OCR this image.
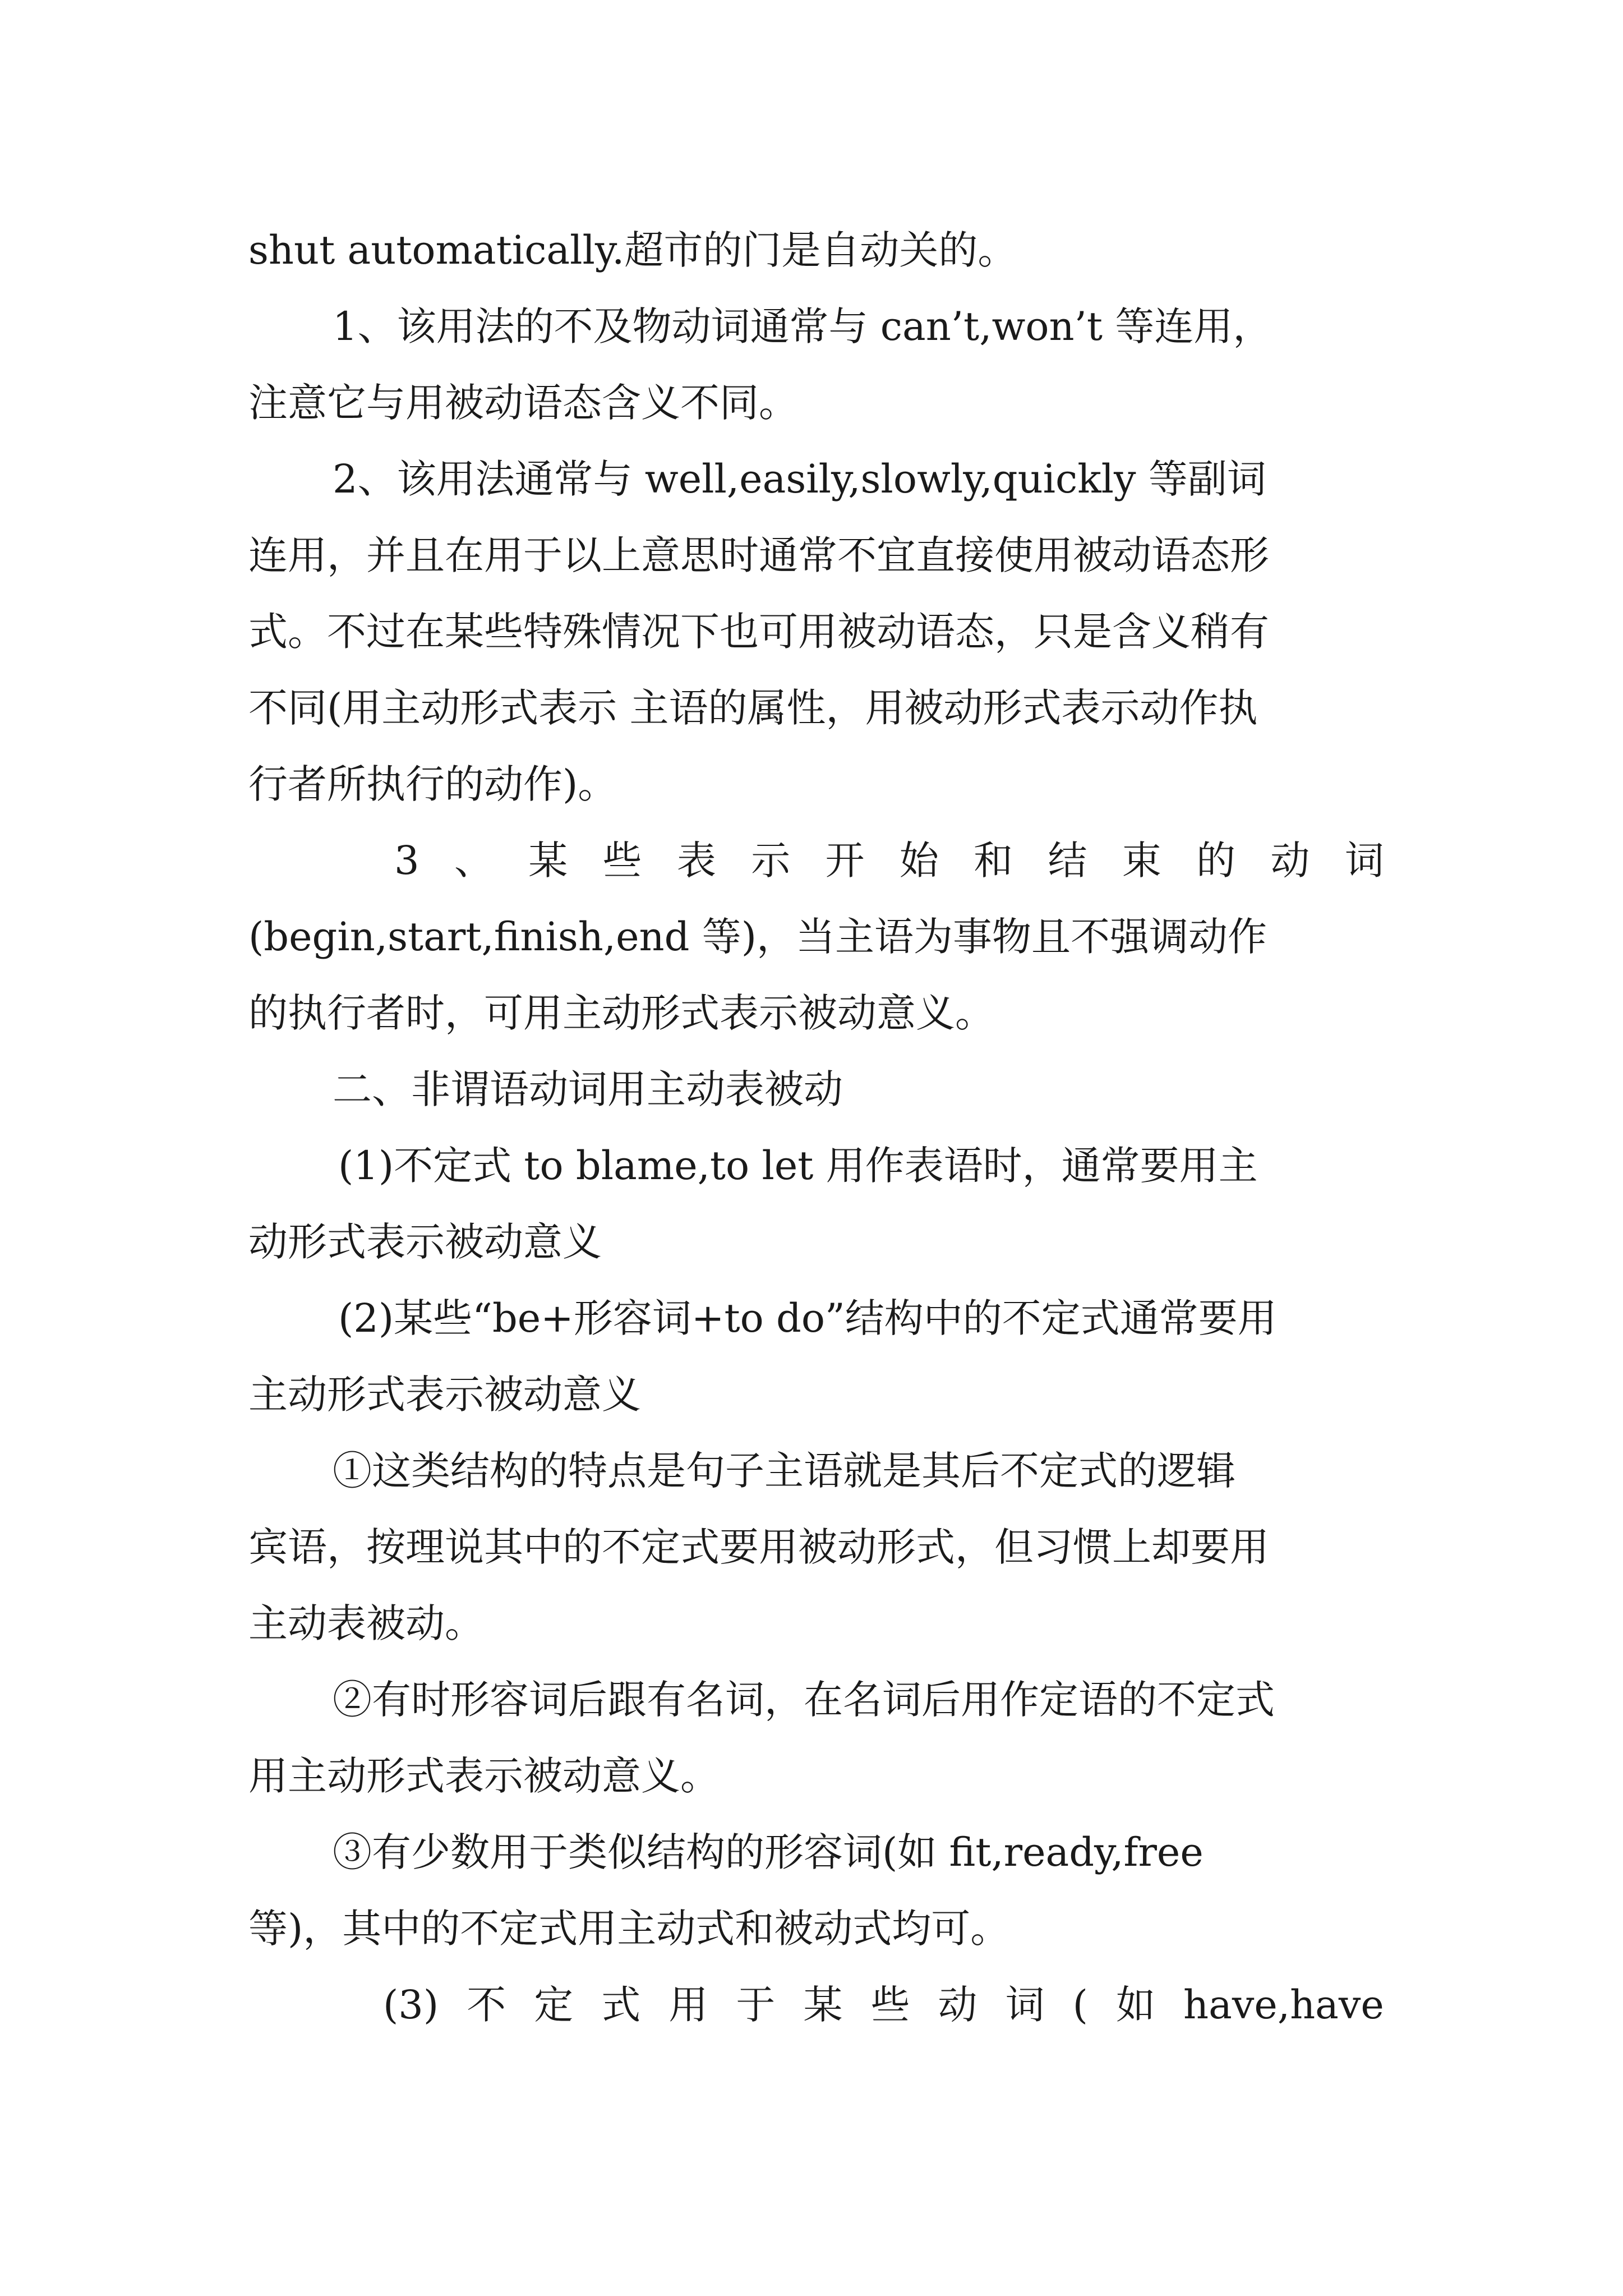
shut automatically.超市的门是自动关的。
1、该用法的不及物动词通常与 can’t,won’t 等连用，
注意它与用被动语态含义不同。
2、该用法通常与 well,easily,slowly,quickly 等副词
连用，并且在用于以上意思时通常不宜直接使用被动语态形
式。不过在某些特殊情况下也可用被动语态，只是含义稍有
不同(用主动形式表示 主语的属性，用被动形式表示动作执
行者所执行的动作)。
3 、 某 些 表 示 开 始 和 结 束 的 动 词
(begin,start,finish,end 等)，当主语为事物且不强调动作
的执行者时，可用主动形式表示被动意义。
二、非谓语动词用主动表被动
(1)不定式 to blame,to let 用作表语时，通常要用主
动形式表示被动意义
(2)某些“be+形容词+to do”结构中的不定式通常要用
主动形式表示被动意义
①这类结构的特点是句子主语就是其后不定式的逻辑
宾语，按理说其中的不定式要用被动形式，但习惯上却要用
主动表被动。
②有时形容词后跟有名词，在名词后用作定语的不定式
用主动形式表示被动意义。
③有少数用于类似结构的形容词(如 fit,ready,free
等)，其中的不定式用主动式和被动式均可。
(3) 不 定 式 用 于 某 些 动 词 ( 如 have,have
